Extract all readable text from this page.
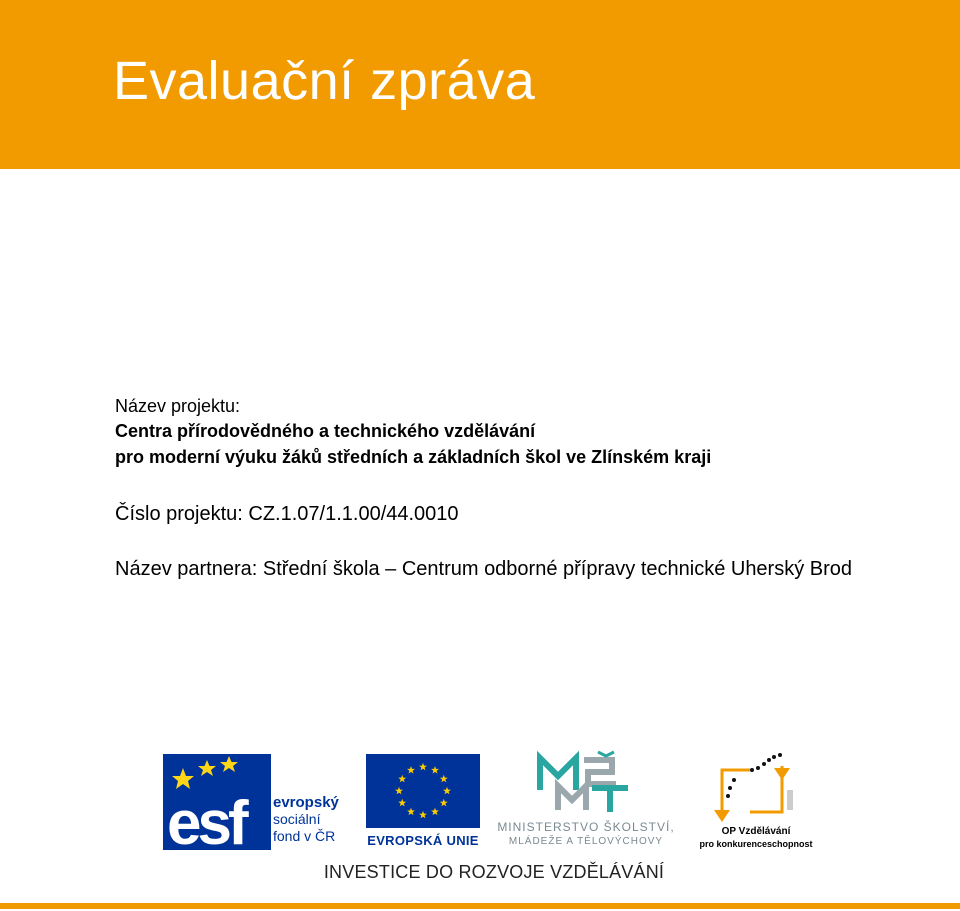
Evaluační zpráva

Název projektu:

Centra přírodovědného a technického vzdělávání

pro moderní výuku žáků středních a základních škol ve Zlínském kraji

Číslo projektu: CZ.1.07/1.1.00/44.0010
Název partnera: Střední škola – Centrum odborné přípravy technické Uherský Brod
esf evropský
sociální
fond v ČR EVROPSKÁ UNIE
MINISTERSTVO ŠKOLSTVÍ,
MLÁDEŽE A TĚLOVÝCHOVY
OP Vzdělávání
pro konkurenceschopnost
INVESTICE DO ROZVOJE VZDĚLÁVÁNÍ
